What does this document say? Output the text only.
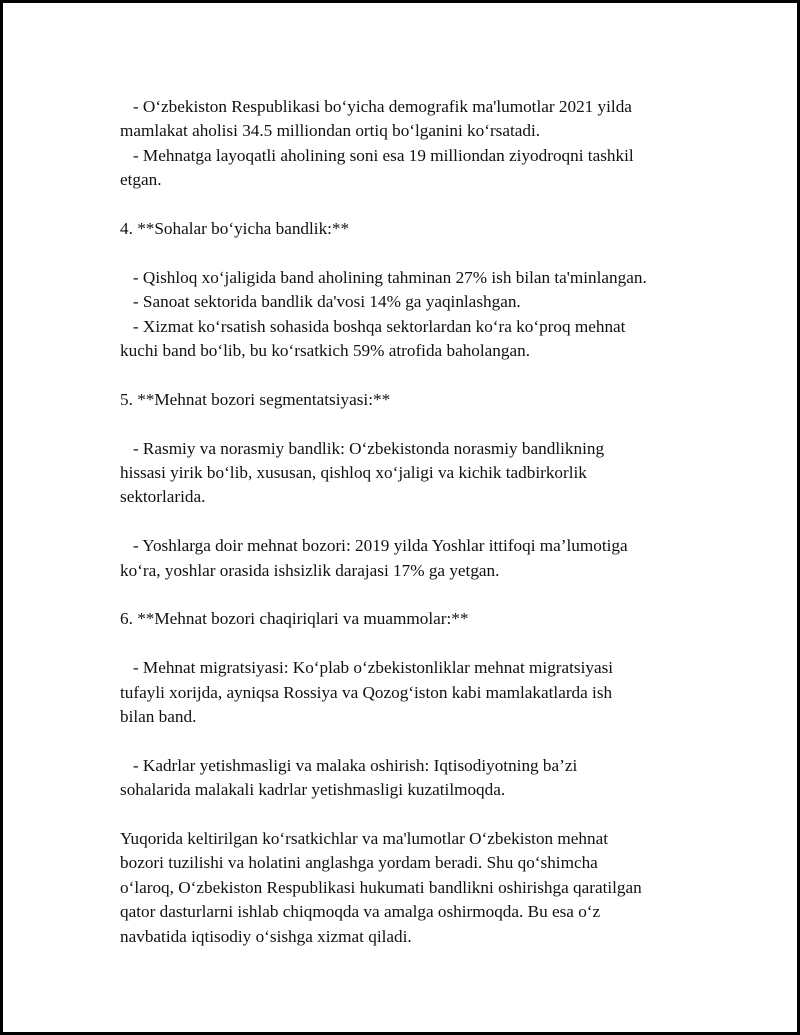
- O‘zbekiston Respublikasi bo‘yicha demografik ma'lumotlar 2021 yilda
mamlakat aholisi 34.5 milliondan ortiq bo‘lganini ko‘rsatadi.
- Mehnatga layoqatli aholining soni esa 19 milliondan ziyodroqni tashkil
etgan.

4. **Sohalar bo‘yicha bandlik:**

- Qishloq xo‘jaligida band aholining tahminan 27% ish bilan ta'minlangan.
- Sanoat sektorida bandlik da'vosi 14% ga yaqinlashgan.
- Xizmat ko‘rsatish sohasida boshqa sektorlardan ko‘ra ko‘proq mehnat
kuchi band bo‘lib, bu ko‘rsatkich 59% atrofida baholangan.

5. **Mehnat bozori segmentatsiyasi:**

- Rasmiy va norasmiy bandlik: O‘zbekistonda norasmiy bandlikning
hissasi yirik bo‘lib, xususan, qishloq xo‘jaligi va kichik tadbirkorlik
sektorlarida.

- Yoshlarga doir mehnat bozori: 2019 yilda Yoshlar ittifoqi ma’lumotiga
ko‘ra, yoshlar orasida ishsizlik darajasi 17% ga yetgan.

6. **Mehnat bozori chaqiriqlari va muammolar:**

- Mehnat migratsiyasi: Ko‘plab o‘zbekistonliklar mehnat migratsiyasi
tufayli xorijda, ayniqsa Rossiya va Qozog‘iston kabi mamlakatlarda ish
bilan band.

- Kadrlar yetishmasligi va malaka oshirish: Iqtisodiyotning ba’zi
sohalarida malakali kadrlar yetishmasligi kuzatilmoqda.

Yuqorida keltirilgan ko‘rsatkichlar va ma'lumotlar O‘zbekiston mehnat
bozori tuzilishi va holatini anglashga yordam beradi. Shu qo‘shimcha
o‘laroq, O‘zbekiston Respublikasi hukumati bandlikni oshirishga qaratilgan
qator dasturlarni ishlab chiqmoqda va amalga oshirmoqda. Bu esa o‘z
navbatida iqtisodiy o‘sishga xizmat qiladi.
